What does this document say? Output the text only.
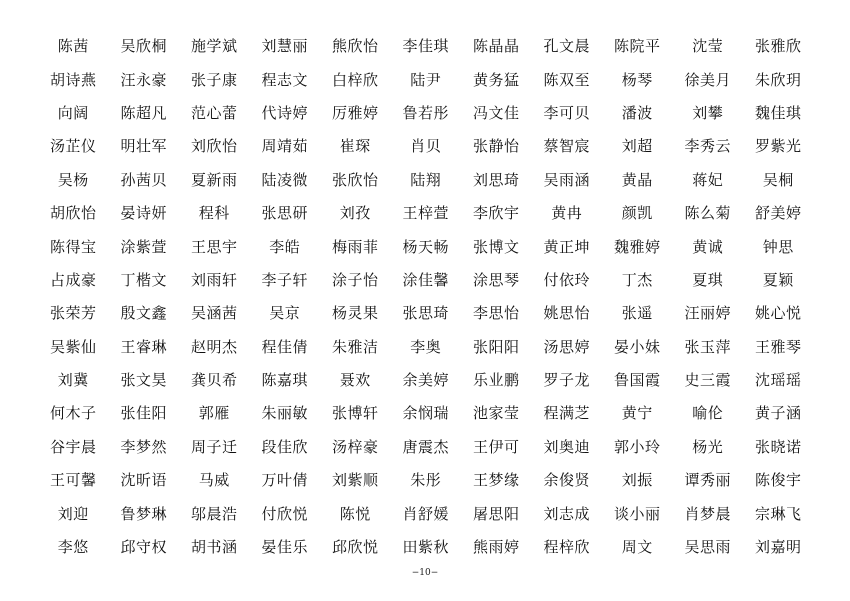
陈茜	吴欣桐	施学斌	刘慧丽	熊欣怡	李佳琪	陈晶晶	孔文晨	陈院平	沈莹	张雅欣
胡诗燕	汪永豪	张子康	程志文	白梓欣	陆尹	黄务猛	陈双至	杨琴	徐美月	朱欣玥
向阔	陈超凡	范心蕾	代诗婷	厉雅婷	鲁若彤	冯文佳	李可贝	潘波	刘攀	魏佳琪
汤芷仪	明壮军	刘欣怡	周靖茹	崔琛	肖贝	张静怡	蔡智宸	刘超	李秀云	罗紫光
吴杨	孙茜贝	夏新雨	陆凌微	张欣怡	陆翔	刘思琦	吴雨涵	黄晶	蒋妃	吴桐
胡欣怡	晏诗妍	程科	张思研	刘孜	王梓萱	李欣宇	黄冉	颜凯	陈么菊	舒美婷
陈得宝	涂紫萱	王思宇	李皓	梅雨菲	杨天畅	张博文	黄正坤	魏雅婷	黄诚	钟思
占成豪	丁楷文	刘雨轩	李子轩	涂子怡	涂佳馨	涂思琴	付依玲	丁杰	夏琪	夏颖
张荣芳	殷文鑫	吴涵茜	吴京	杨灵果	张思琦	李思怡	姚思怡	张遥	汪丽婷	姚心悦
吴紫仙	王睿琳	赵明杰	程佳倩	朱雅洁	李奥	张阳阳	汤思婷	晏小妹	张玉萍	王雅琴
刘冀	张文昊	龚贝希	陈嘉琪	聂欢	余美婷	乐业鹏	罗子龙	鲁国霞	史三霞	沈瑶瑶
何木子	张佳阳	郭雁	朱丽敏	张博轩	余悯瑞	池家莹	程满芝	黄宁	喻伦	黄子涵
谷宇晨	李梦然	周子迁	段佳欣	汤梓豪	唐震杰	王伊可	刘奥迪	郭小玲	杨光	张晓诺
王可馨	沈昕语	马威	万叶倩	刘紫顺	朱彤	王梦缘	余俊贤	刘振	谭秀丽	陈俊宇
刘迎	鲁梦琳	邬晨浩	付欣悦	陈悦	肖舒媛	屠思阳	刘志成	谈小丽	肖梦晨	宗琳飞
李悠	邱守权	胡书涵	晏佳乐	邱欣悦	田紫秋	熊雨婷	程梓欣	周文	吴思雨	刘嘉明
−10−
